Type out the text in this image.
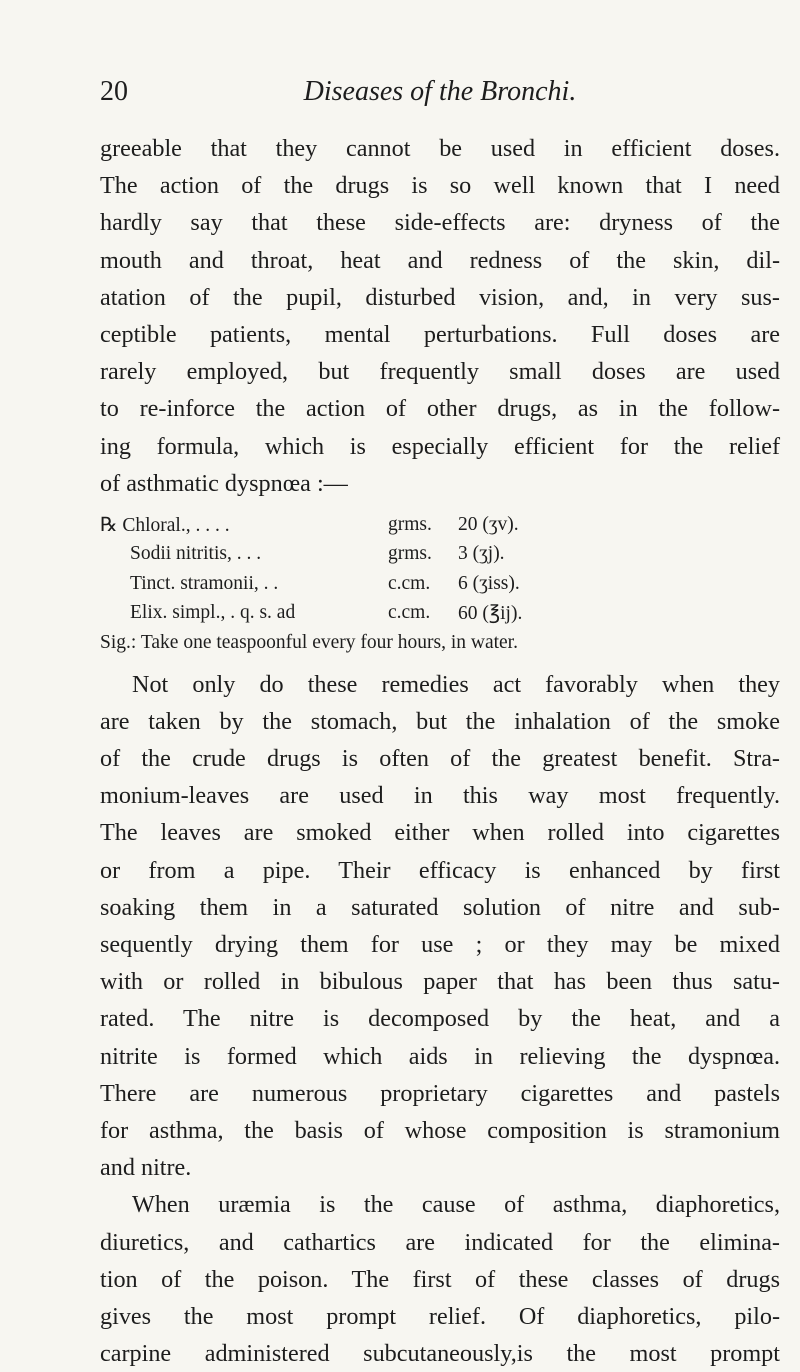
20	Diseases of the Bronchi.

greeable that they cannot be used in efficient doses.
The action of the drugs is so well known that I need
hardly say that these side-effects are: dryness of the
mouth and throat, heat and redness of the skin, dil-
atation of the pupil, disturbed vision, and, in very sus-
ceptible patients, mental perturbations. Full doses are
rarely employed, but frequently small doses are used
to re-inforce the action of other drugs, as in the follow-
ing formula, which is especially efficient for the relief
of asthmatic dyspnœa :—

℞ Chloral., . . . .	grms.	20 (ʒv).
Sodii nitritis, . . .	grms.	3 (ʒj).
Tinct. stramonii, . .	c.cm.	6 (ʒiss).
Elix. simpl., . q. s. ad	c.cm.	60 (℥ij).
Sig.: Take one teaspoonful every four hours, in water.

Not only do these remedies act favorably when they
are taken by the stomach, but the inhalation of the smoke
of the crude drugs is often of the greatest benefit. Stra-
monium-leaves are used in this way most frequently.
The leaves are smoked either when rolled into cigarettes
or from a pipe. Their efficacy is enhanced by first
soaking them in a saturated solution of nitre and sub-
sequently drying them for use ; or they may be mixed
with or rolled in bibulous paper that has been thus satu-
rated. The nitre is decomposed by the heat, and a
nitrite is formed which aids in relieving the dyspnœa.
There are numerous proprietary cigarettes and pastels
for asthma, the basis of whose composition is stramonium
and nitre.

When uræmia is the cause of asthma, diaphoretics,
diuretics, and cathartics are indicated for the elimina-
tion of the poison. The first of these classes of drugs
gives the most prompt relief. Of diaphoretics, pilo-
carpine administered subcutaneously,is the most prompt
